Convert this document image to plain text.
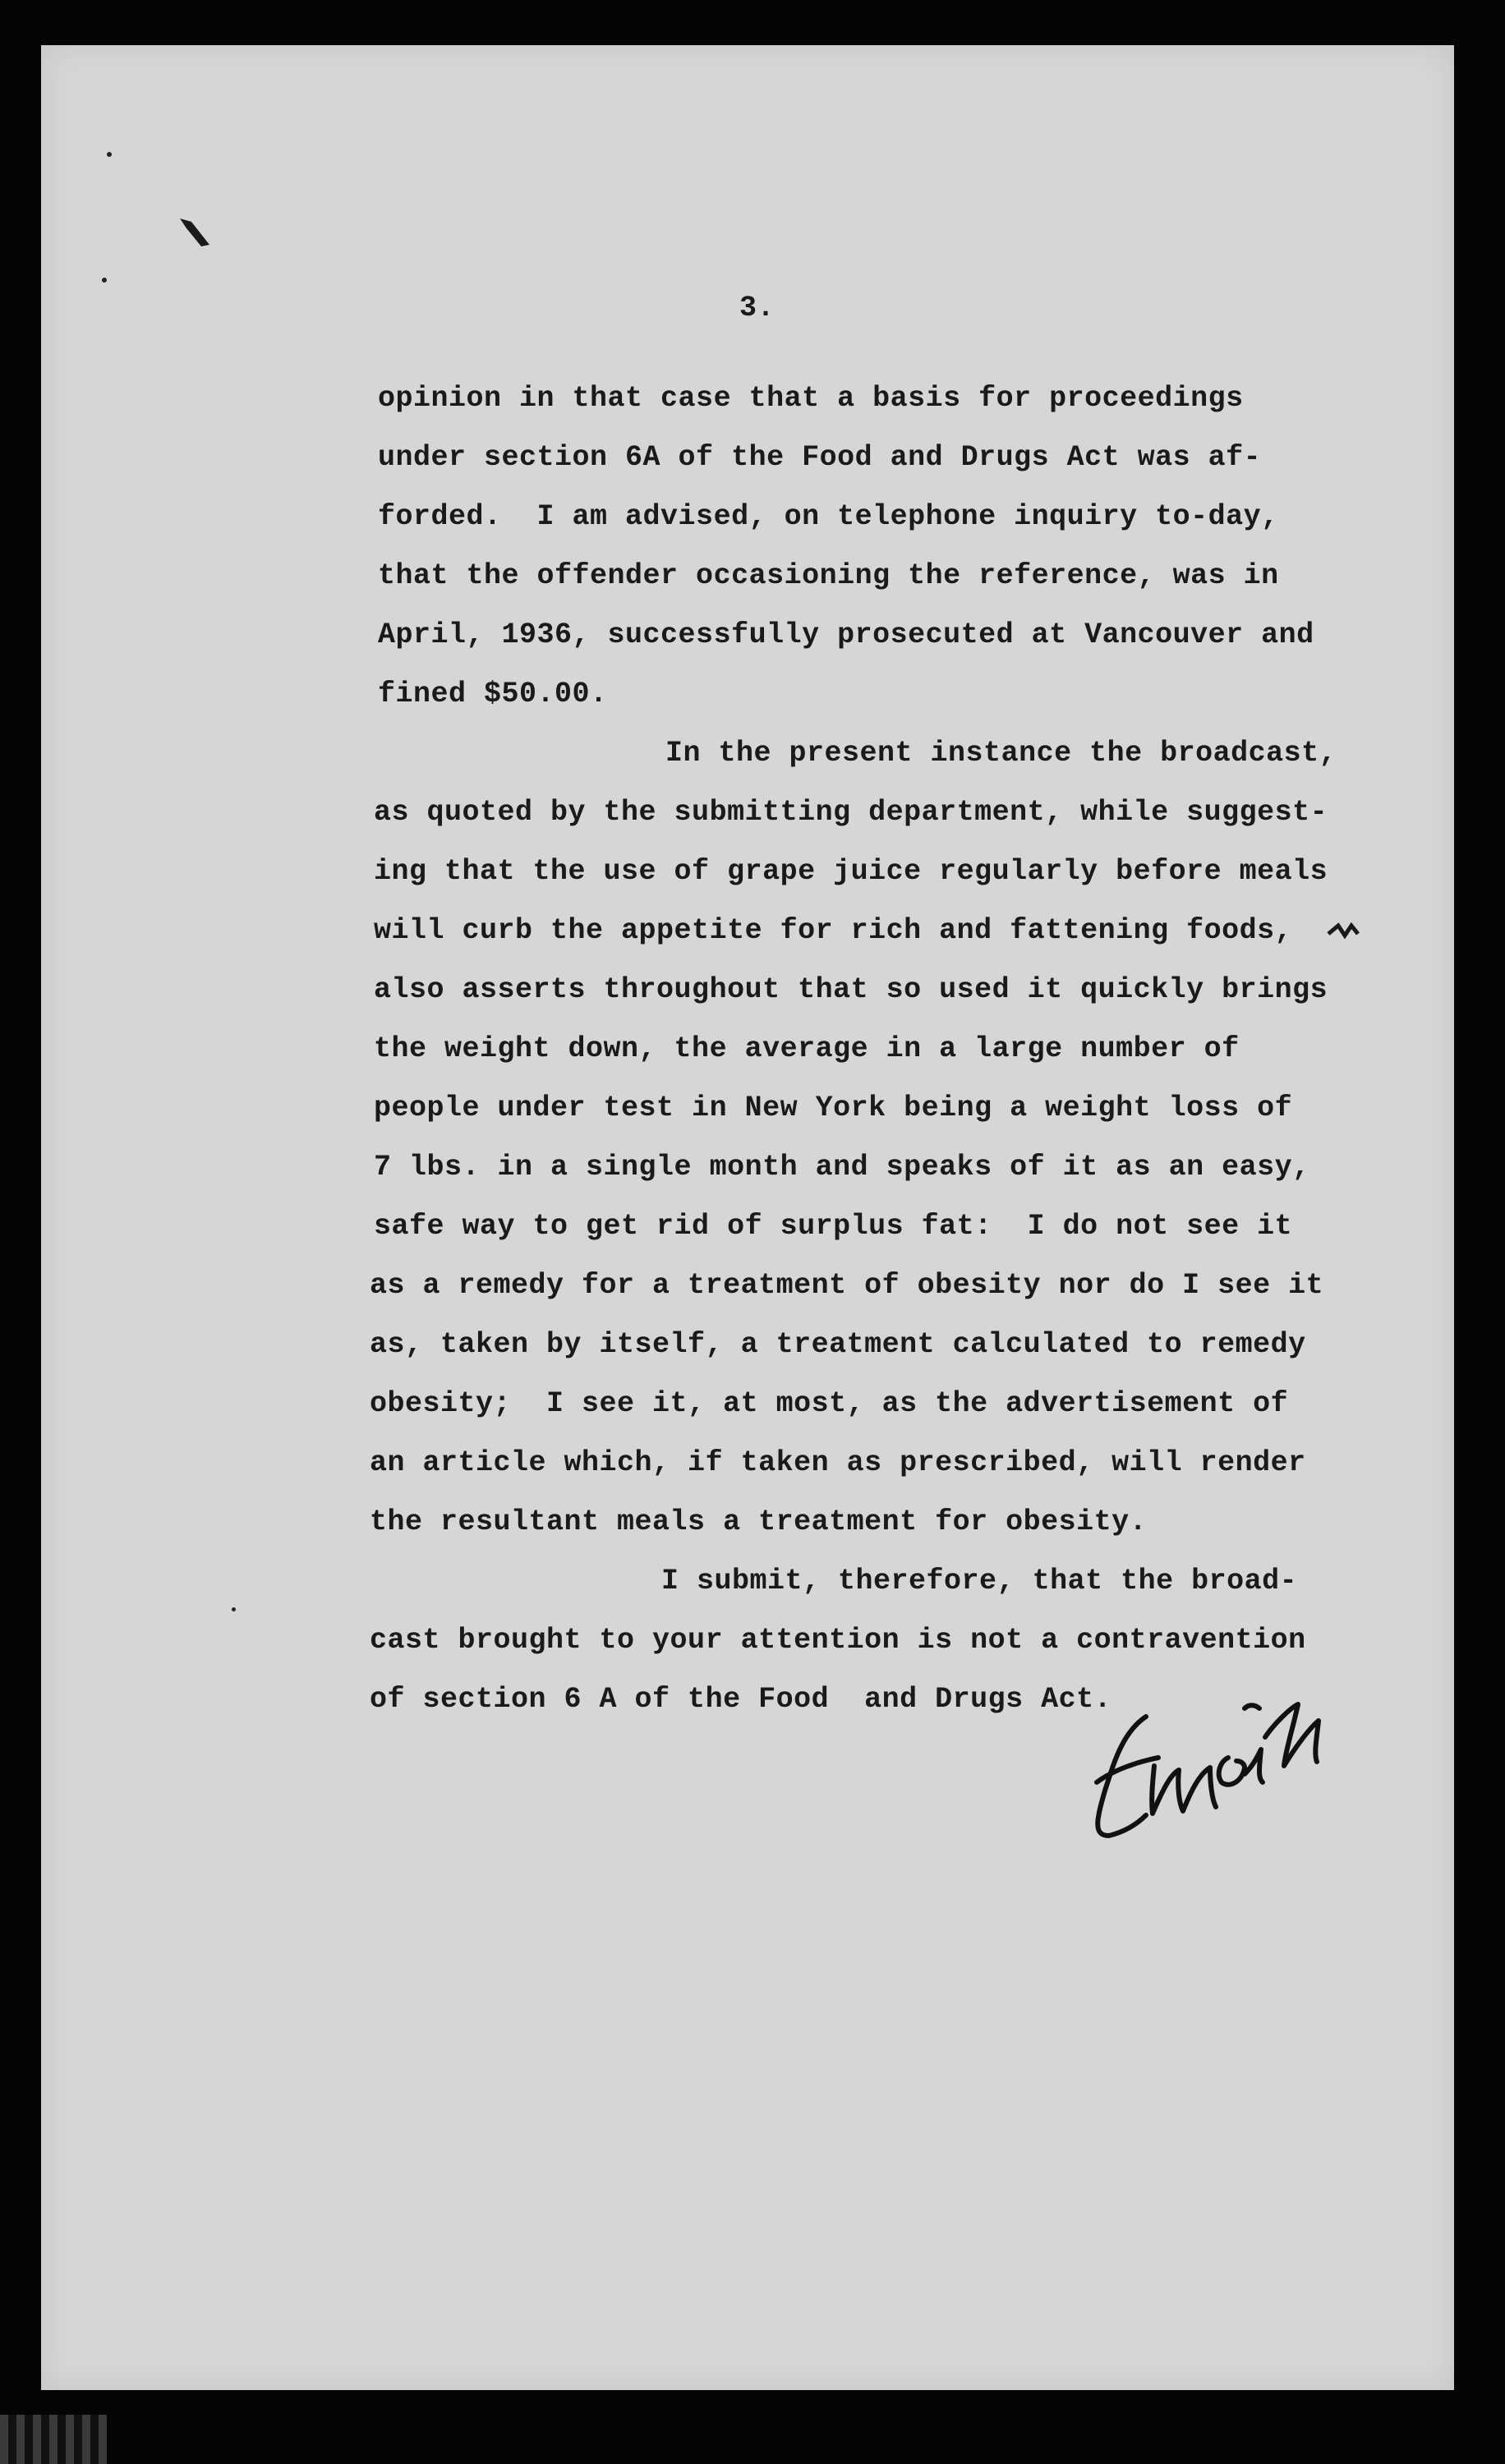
3.
opinion in that case that a basis for proceedings
under section 6A of the Food and Drugs Act was af-
forded.  I am advised, on telephone inquiry to-day,
that the offender occasioning the reference, was in
April, 1936, successfully prosecuted at Vancouver and
fined $50.00.
In the present instance the broadcast,
as quoted by the submitting department, while suggest-
ing that the use of grape juice regularly before meals
will curb the appetite for rich and fattening foods,
also asserts throughout that so used it quickly brings
the weight down, the average in a large number of
people under test in New York being a weight loss of
7 lbs. in a single month and speaks of it as an easy,
safe way to get rid of surplus fat:  I do not see it
as a remedy for a treatment of obesity nor do I see it
as, taken by itself, a treatment calculated to remedy
obesity;  I see it, at most, as the advertisement of
an article which, if taken as prescribed, will render
the resultant meals a treatment for obesity.
I submit, therefore, that the broad-
cast brought to your attention is not a contravention
of section 6 A of the Food  and Drugs Act.
